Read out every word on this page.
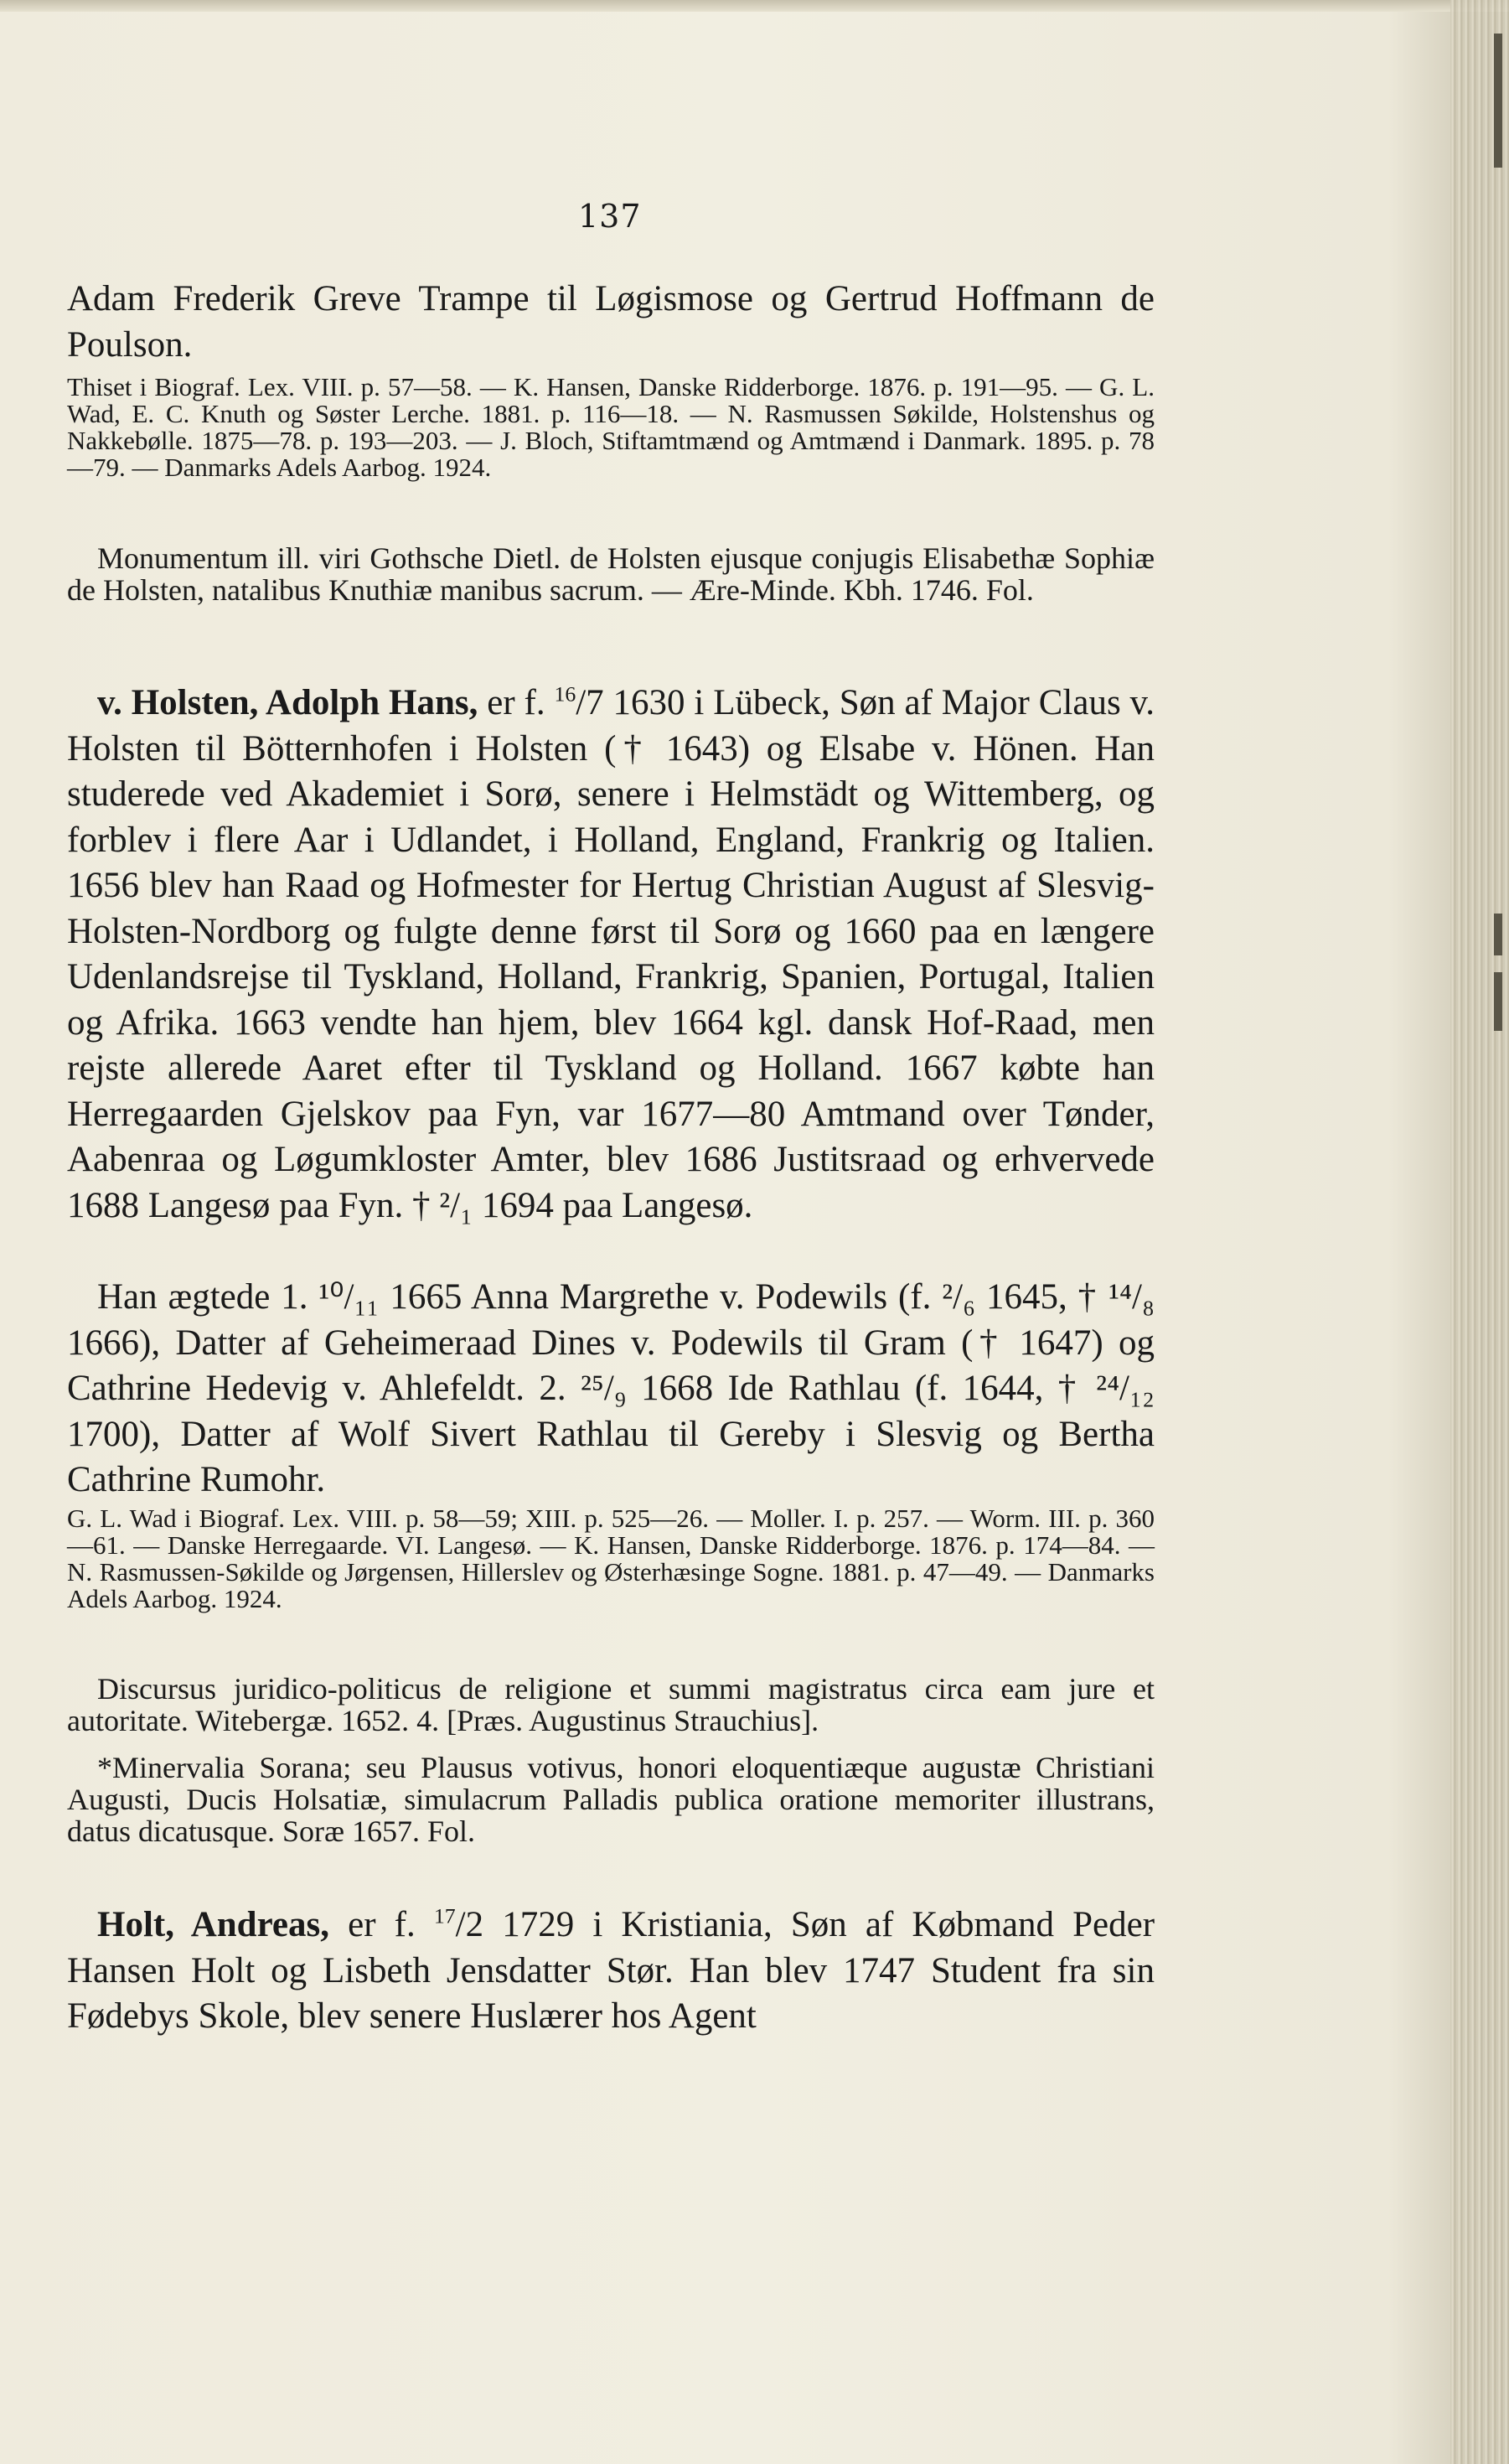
137

Adam Frederik Greve Trampe til Løgismose og Gertrud Hoffmann de Poulson.

Thiset i Biograf. Lex. VIII. p. 57—58. — K. Hansen, Danske Ridderborge. 1876. p. 191—95. — G. L. Wad, E. C. Knuth og Søster Lerche. 1881. p. 116—18. — N. Rasmussen Søkilde, Holstenshus og Nakkebølle. 1875—78. p. 193—203. — J. Bloch, Stiftamtmænd og Amtmænd i Danmark. 1895. p. 78—79. — Danmarks Adels Aarbog. 1924.

Monumentum ill. viri Gothsche Dietl. de Holsten ejusque conjugis Elisabethæ Sophiæ de Holsten, natalibus Knuthiæ manibus sacrum. — Ære-Minde. Kbh. 1746. Fol.

v. Holsten, Adolph Hans, er f. $^{16}$/7 1630 i Lübeck, Søn af Major Claus v. Holsten til Bötternhofen i Holsten († 1643) og Elsabe v. Hönen. Han studerede ved Akademiet i Sorø, senere i Helmstädt og Wittemberg, og forblev i flere Aar i Udlandet, i Holland, England, Frankrig og Italien. 1656 blev han Raad og Hofmester for Hertug Christian August af Slesvig-Holsten-Nordborg og fulgte denne først til Sorø og 1660 paa en længere Udenlandsrejse til Tyskland, Holland, Frankrig, Spanien, Portugal, Italien og Afrika. 1663 vendte han hjem, blev 1664 kgl. dansk Hof-Raad, men rejste allerede Aaret efter til Tyskland og Holland. 1667 købte han Herregaarden Gjelskov paa Fyn, var 1677—80 Amtmand over Tønder, Aabenraa og Løgumkloster Amter, blev 1686 Justitsraad og erhvervede 1688 Langesø paa Fyn. † ²/₁ 1694 paa Langesø.

Han ægtede 1. ¹⁰/₁₁ 1665 Anna Margrethe v. Podewils (f. ²/₆ 1645, † ¹⁴/₈ 1666), Datter af Geheimeraad Dines v. Podewils til Gram († 1647) og Cathrine Hedevig v. Ahlefeldt. 2. ²⁵/₉ 1668 Ide Rathlau (f. 1644, † ²⁴/₁₂ 1700), Datter af Wolf Sivert Rathlau til Gereby i Slesvig og Bertha Cathrine Rumohr.

G. L. Wad i Biograf. Lex. VIII. p. 58—59; XIII. p. 525—26. — Moller. I. p. 257. — Worm. III. p. 360—61. — Danske Herregaarde. VI. Langesø. — K. Hansen, Danske Ridderborge. 1876. p. 174—84. — N. Rasmussen-Søkilde og Jørgensen, Hillerslev og Østerhæsinge Sogne. 1881. p. 47—49. — Danmarks Adels Aarbog. 1924.

Discursus juridico-politicus de religione et summi magistratus circa eam jure et autoritate. Witebergæ. 1652. 4. [Præs. Augustinus Strauchius].

*Minervalia Sorana; seu Plausus votivus, honori eloquentiæque augustæ Christiani Augusti, Ducis Holsatiæ, simulacrum Palladis publica oratione memoriter illustrans, datus dicatusque. Soræ 1657. Fol.

Holt, Andreas, er f. $^{17}$/2 1729 i Kristiania, Søn af Købmand Peder Hansen Holt og Lisbeth Jensdatter Stør. Han blev 1747 Student fra sin Fødebys Skole, blev senere Huslærer hos Agent
